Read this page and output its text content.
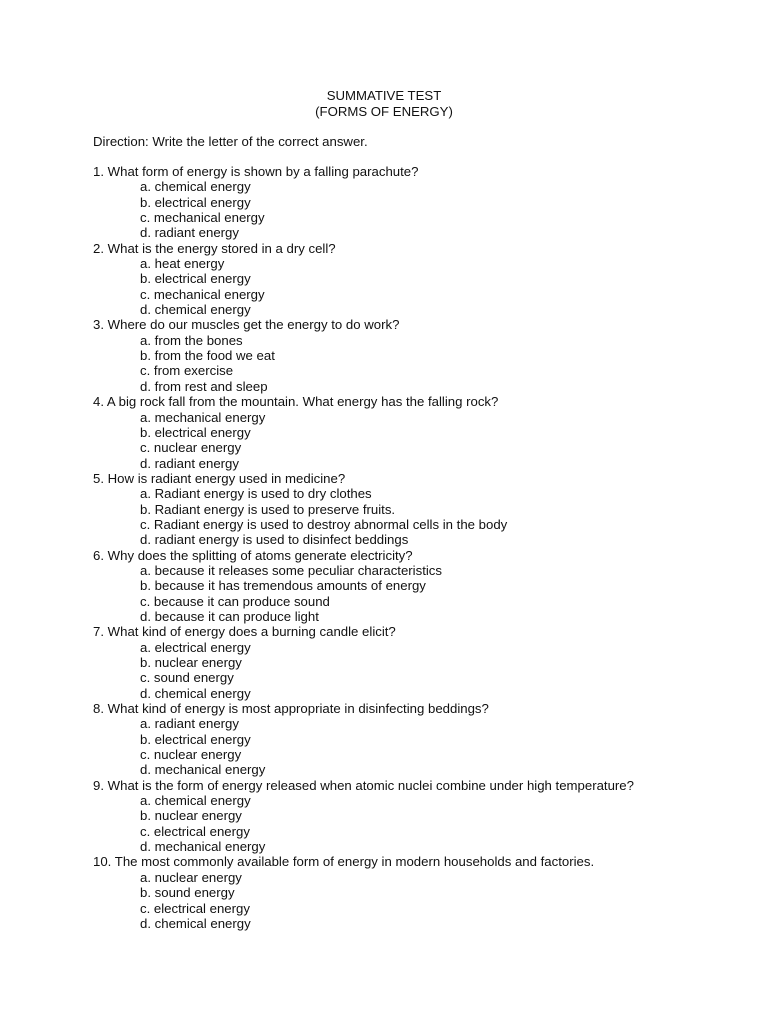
SUMMATIVE TEST
(FORMS OF ENERGY)
Direction: Write the letter of the correct answer.
1. What form of energy is shown by a falling parachute?
a. chemical energy
b. electrical energy
c. mechanical energy
d. radiant energy
2. What is the energy stored in a dry cell?
a. heat energy
b. electrical energy
c. mechanical energy
d. chemical energy
3. Where do our muscles get the energy to do work?
a. from the bones
b. from the food we eat
c. from exercise
d. from rest and sleep
4. A big rock fall from the mountain. What energy has the falling rock?
a. mechanical energy
b. electrical energy
c. nuclear energy
d. radiant energy
5. How is radiant energy used in medicine?
a. Radiant energy is used to dry clothes
b. Radiant energy is used to preserve fruits.
c. Radiant energy is used to destroy abnormal cells in the body
d. radiant energy is used to disinfect beddings
6. Why does the splitting of atoms generate electricity?
a. because it releases some peculiar characteristics
b. because it has tremendous amounts of energy
c. because it can produce sound
d. because it can produce light
7. What kind of energy does a burning candle elicit?
a. electrical energy
b. nuclear energy
c. sound energy
d. chemical energy
8. What kind of energy is most appropriate in disinfecting beddings?
a. radiant energy
b. electrical energy
c. nuclear energy
d. mechanical energy
9. What is the form of energy released when atomic nuclei combine under high temperature?
a. chemical energy
b. nuclear energy
c. electrical energy
d. mechanical energy
10. The most commonly available form of energy in modern households and factories.
a. nuclear energy
b. sound energy
c. electrical energy
d. chemical energy
